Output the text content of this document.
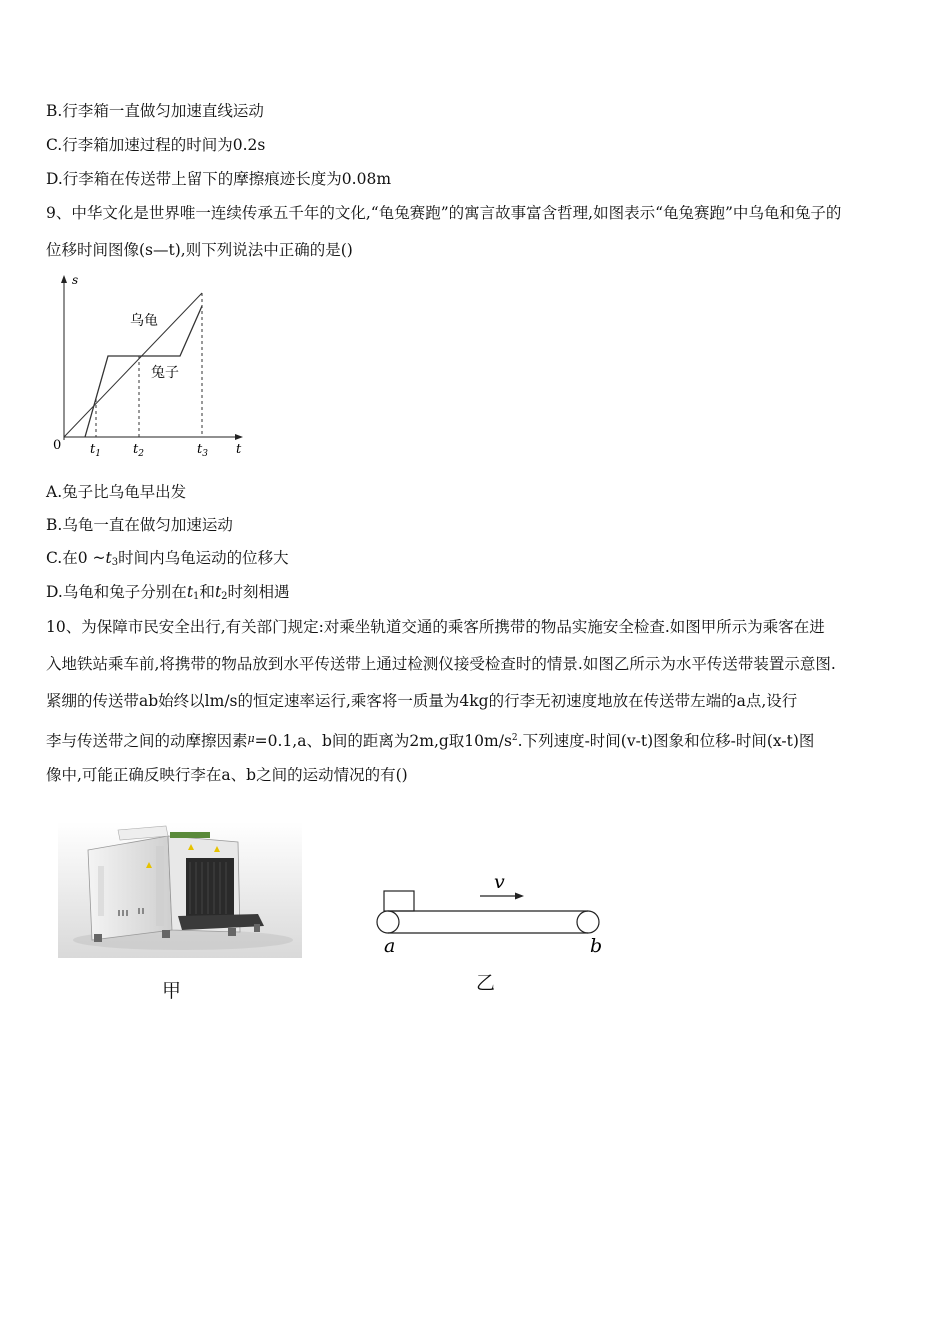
B.行李箱一直做匀加速直线运动
C.行李箱加速过程的时间为0.2s
D.行李箱在传送带上留下的摩擦痕迹长度为0.08m
9、中华文化是世界唯一连续传承五千年的文化,“龟兔赛跑”的寓言故事富含哲理,如图表示“龟兔赛跑”中乌龟和兔子的
位移时间图像(s—t),则下列说法中正确的是()
s
t
0
乌龟
兔子
$t_1$ $t_2$	$t_3$
A.兔子比乌龟早出发
B.乌龟一直在做匀加速运动
C.在0 $\sim t_3$时间内乌龟运动的位移大
D.乌龟和兔子分别在$t_1$和$t_2$时刻相遇
10、为保障市民安全出行,有关部门规定:对乘坐轨道交通的乘客所携带的物品实施安全检查.如图甲所示为乘客在进
入地铁站乘车前,将携带的物品放到水平传送带上通过检测仪接受检查时的情景.如图乙所示为水平传送带装置示意图.
紧绷的传送带ab始终以lm/s的恒定速率运行,乘客将一质量为4kg的行李无初速度地放在传送带左端的a点,设行
李与传送带之间的动摩擦因素$^\mu$=0.1,a、b间的距离为2m,g取$10m/s^2$.下列速度-时间(v-t)图象和位移-时间(x-t)图
像中,可能正确反映行李在a、b之间的运动情况的有()
甲
v
a	b
乙
